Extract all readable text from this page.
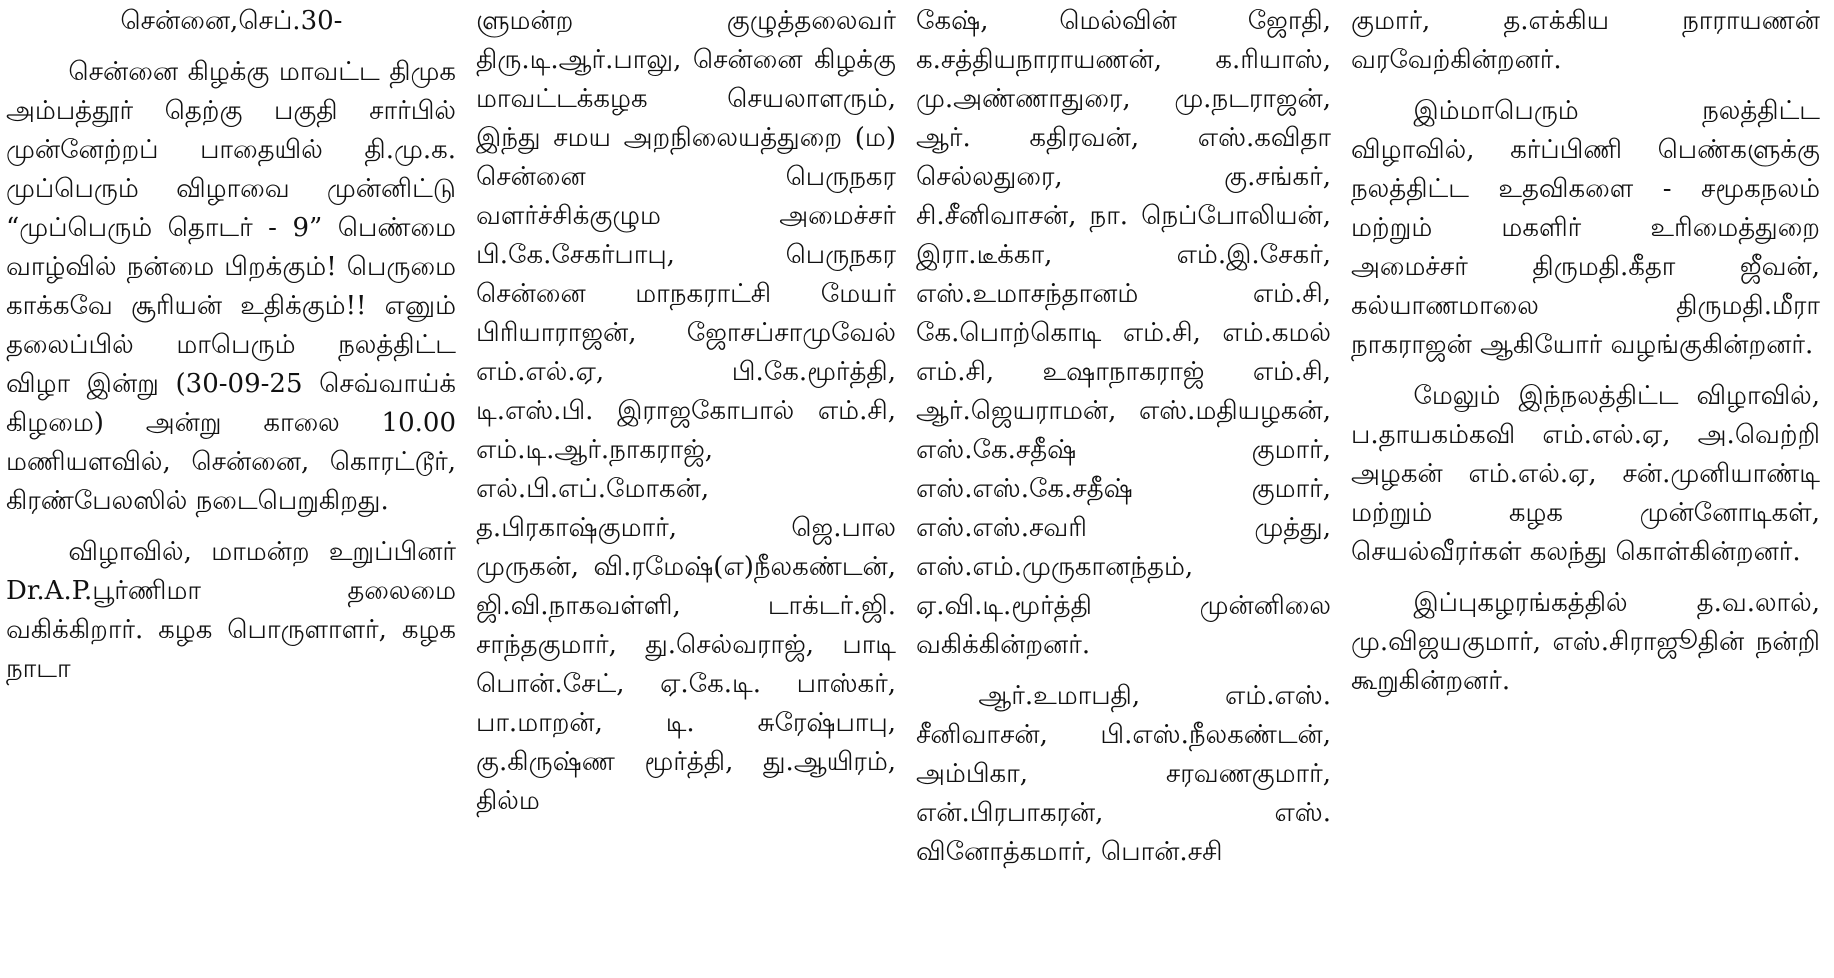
சென்னை,செப்.30-

சென்னை கிழக்கு மாவட்ட திமுக அம்பத்தூர் தெற்கு பகுதி சார்பில் முன்னேற்றப் பாதையில் தி.மு.க. முப்பெரும் விழாவை முன்னிட்டு “முப்பெரும் தொடர் - 9” பெண்மை வாழ்வில் நன்மை பிறக்கும்! பெருமை காக்கவே சூரியன் உதிக்கும்!! எனும் தலைப்பில் மாபெரும் நலத்திட்ட விழா இன்று (30-09-25 செவ்வாய்க் கிழமை) அன்று காலை 10.00 மணியளவில், சென்னை, கொரட்டூர், கிரண்பேலஸில் நடைபெறுகிறது.

விழாவில், மாமன்ற உறுப்பினர் Dr.A.P.பூர்ணிமா தலைமை வகிக்கிறார். கழக பொருளாளர், கழக நாடா

ளுமன்ற குழுத்தலைவர் திரு.டி.ஆர்.பாலு, சென்னை கிழக்கு மாவட்டக்கழக செயலாளரும், இந்து சமய அறநிலையத்துறை (ம) சென்னை பெருநகர வளர்ச்சிக்குழும அமைச்சர் பி.கே.சேகர்பாபு, பெருநகர சென்னை மாநகராட்சி மேயர் பிரியாராஜன், ஜோசப்சாமுவேல் எம்.எல்.ஏ, பி.கே.மூர்த்தி, டி.எஸ்.பி. இராஜகோபால் எம்.சி, எம்.டி.ஆர்.நாகராஜ், எல்.பி.எப்.மோகன், த.பிரகாஷ்குமார், ஜெ.பால முருகன், வி.ரமேஷ்(எ)நீலகண்டன், ஜி.வி.நாகவள்ளி, டாக்டர்.ஜி. சாந்தகுமார், து.செல்வராஜ், பாடி பொன்.சேட், ஏ.கே.டி. பாஸ்கர், பா.மாறன், டி. சுரேஷ்பாபு, கு.கிருஷ்ண மூர்த்தி, து.ஆயிரம், தில்ம

கேஷ், மெல்வின் ஜோதி, க.சத்தியநாராயணன், க.ரியாஸ், மு.அண்ணாதுரை, மு.நடராஜன், ஆர். கதிரவன், எஸ்.கவிதா செல்லதுரை, கு.சங்கர், சி.சீனிவாசன், நா. நெப்போலியன், இரா.டீக்கா, எம்.இ.சேகர், எஸ்.உமாசந்தானம் எம்.சி, கே.பொற்கொடி எம்.சி, எம்.கமல் எம்.சி, உஷாநாகராஜ் எம்.சி, ஆர்.ஜெயராமன், எஸ்.மதியழகன், எஸ்.கே.சதீஷ் குமார், எஸ்.எஸ்.கே.சதீஷ் குமார், எஸ்.எஸ்.சவரி முத்து, எஸ்.எம்.முருகானந்தம், ஏ.வி.டி.மூர்த்தி முன்னிலை வகிக்கின்றனர்.

ஆர்.உமாபதி, எம்.எஸ். சீனிவாசன், பி.எஸ்.நீலகண்டன், அம்பிகா, சரவணகுமார், என்.பிரபாகரன், எஸ். வினோத்கமார், பொன்.சசி

குமார், த.எக்கிய நாராயணன் வரவேற்கின்றனர்.

இம்மாபெரும் நலத்திட்ட விழாவில், கர்ப்பிணி பெண்களுக்கு நலத்திட்ட உதவிகளை - சமூகநலம் மற்றும் மகளிர் உரிமைத்துறை அமைச்சர் திருமதி.கீதா ஜீவன், கல்யாணமாலை திருமதி.மீரா நாகராஜன் ஆகியோர் வழங்குகின்றனர்.

மேலும் இந்நலத்திட்ட விழாவில், ப.தாயகம்கவி எம்.எல்.ஏ, அ.வெற்றி அழகன் எம்.எல்.ஏ, சன்.முனியாண்டி மற்றும் கழக முன்னோடிகள், செயல்வீரர்கள் கலந்து கொள்கின்றனர்.

இப்புகழரங்கத்தில் த.வ.லால், மு.விஜயகுமார், எஸ்.சிராஜூதின் நன்றி கூறுகின்றனர்.
